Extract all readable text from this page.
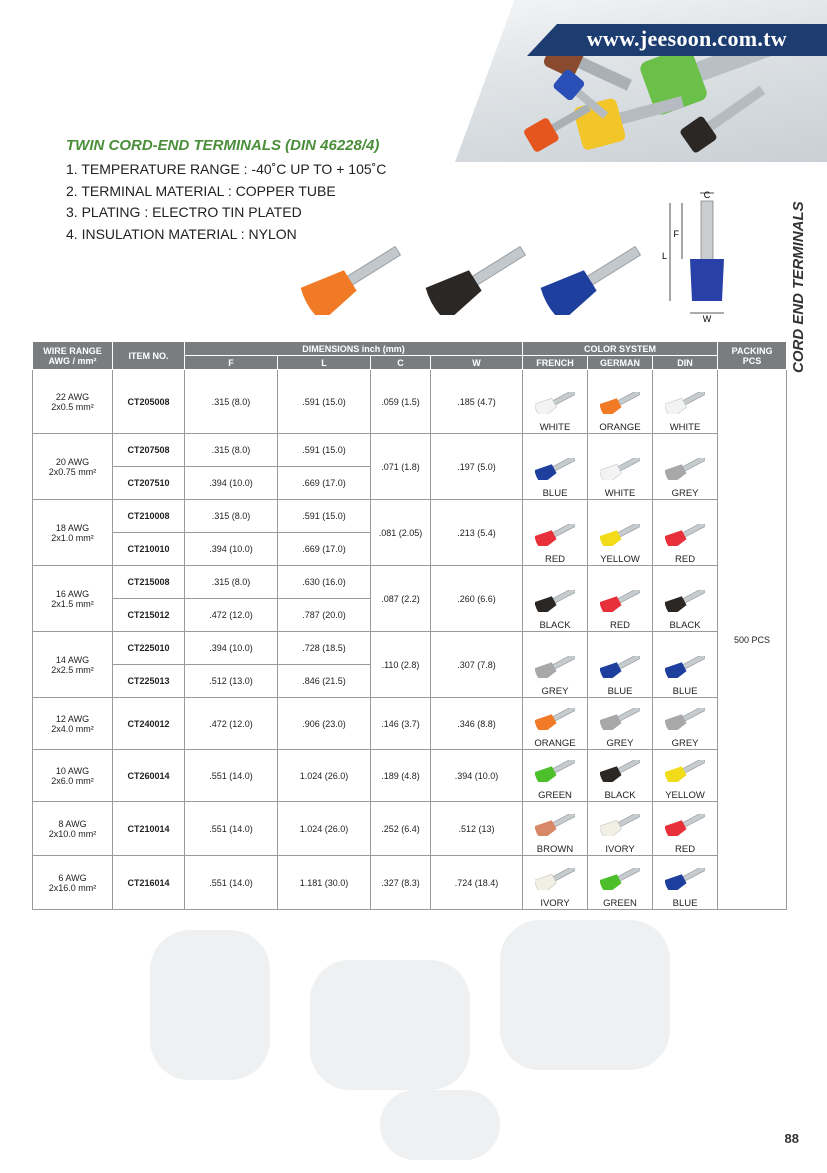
www.jeesoon.com.tw
TWIN CORD-END TERMINALS (DIN 46228/4)
1. TEMPERATURE RANGE : -40˚C UP TO + 105˚C
2. TERMINAL MATERIAL : COPPER TUBE
3. PLATING : ELECTRO TIN PLATED
4. INSULATION MATERIAL : NYLON	CORD END TERMINALS
C
F
L
W
WIRE RANGE
AWG / mm²	ITEM NO.	DIMENSIONS inch (mm)				COLOR SYSTEM			PACKING
PCS
		F	L	C	W	FRENCH	GERMAN	DIN	
22 AWG
2x0.5 mm²	CT205008	.315 (8.0)	.591 (15.0)	.059 (1.5)	.185 (4.7)	WHITE	ORANGE	WHITE	500 PCS
20 AWG
2x0.75 mm²	CT207508	.315 (8.0)	.591 (15.0)	.071 (1.8)	.197 (5.0)	BLUE	WHITE	GREY	
	CT207510	.394 (10.0)	.669 (17.0)						
18 AWG
2x1.0 mm²	CT210008	.315 (8.0)	.591 (15.0)	.081 (2.05)	.213 (5.4)	RED	YELLOW	RED	
	CT210010	.394 (10.0)	.669 (17.0)						
16 AWG
2x1.5 mm²	CT215008	.315 (8.0)	.630 (16.0)	.087 (2.2)	.260 (6.6)	BLACK	RED	BLACK	
	CT215012	.472 (12.0)	.787 (20.0)						
14 AWG
2x2.5 mm²	CT225010	.394 (10.0)	.728 (18.5)	.110 (2.8)	.307 (7.8)	GREY	BLUE	BLUE	
	CT225013	.512 (13.0)	.846 (21.5)						
12 AWG
2x4.0 mm²	CT240012	.472 (12.0)	.906 (23.0)	.146 (3.7)	.346 (8.8)	ORANGE	GREY	GREY	
10 AWG
2x6.0 mm²	CT260014	.551 (14.0)	1.024 (26.0)	.189 (4.8)	.394 (10.0)	GREEN	BLACK	YELLOW	
8 AWG
2x10.0 mm²	CT210014	.551 (14.0)	1.024 (26.0)	.252 (6.4)	.512 (13)	BROWN	IVORY	RED	
6 AWG
2x16.0 mm²	CT216014	.551 (14.0)	1.181 (30.0)	.327 (8.3)	.724 (18.4)	IVORY	GREEN	BLUE	
88
